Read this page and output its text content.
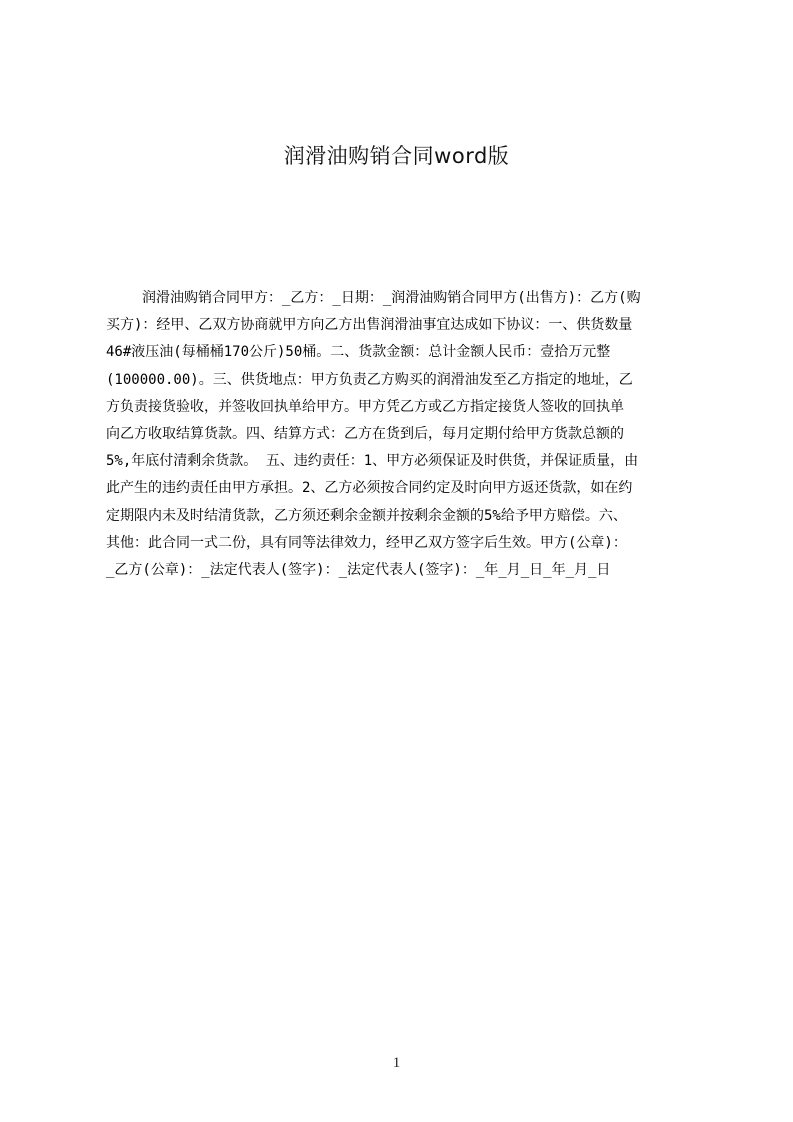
润滑油购销合同word版
润滑油购销合同甲方：_乙方：_日期：_润滑油购销合同甲方(出售方)：乙方(购
买方)：经甲、乙双方协商就甲方向乙方出售润滑油事宜达成如下协议：一、供货数量
46#液压油(每桶桶170公斤)50桶。二、货款金额：总计金额人民币：壹拾万元整
(100000.00)。三、供货地点：甲方负责乙方购买的润滑油发至乙方指定的地址，乙
方负责接货验收，并签收回执单给甲方。甲方凭乙方或乙方指定接货人签收的回执单
向乙方收取结算货款。四、结算方式：乙方在货到后，每月定期付给甲方货款总额的
5%,年底付清剩余货款。 五、违约责任：1、甲方必须保证及时供货，并保证质量，由
此产生的违约责任由甲方承担。2、乙方必须按合同约定及时向甲方返还货款，如在约
定期限内未及时结清货款，乙方须还剩余金额并按剩余金额的5%给予甲方赔偿。六、
其他：此合同一式二份，具有同等法律效力，经甲乙双方签字后生效。甲方(公章)：
_乙方(公章)：_法定代表人(签字)：_法定代表人(签字)：_年_月_日_年_月_日
1
